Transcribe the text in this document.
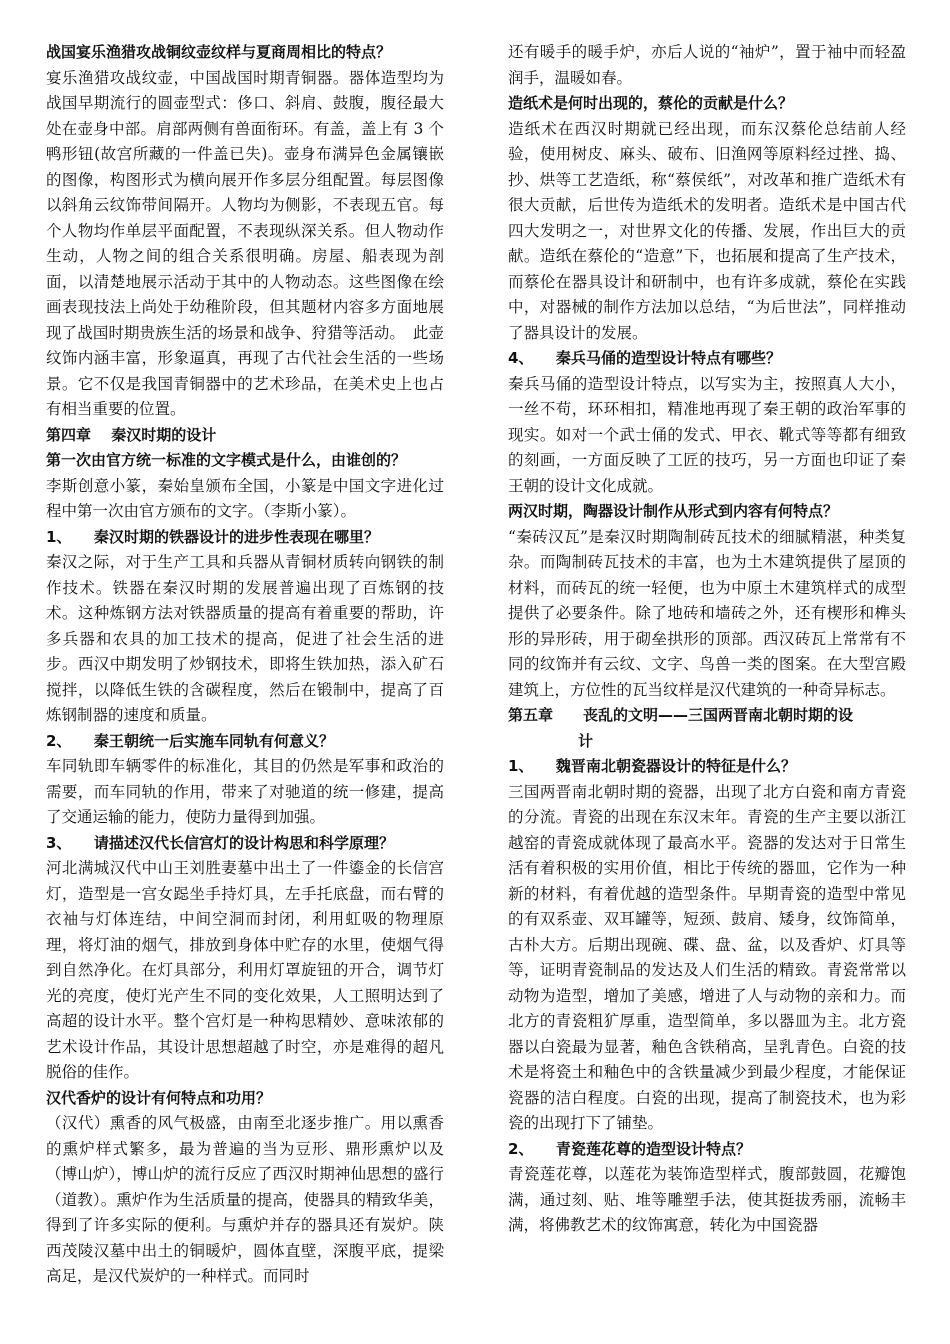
战国宴乐渔猎攻战铜纹壶纹样与夏商周相比的特点？

宴乐渔猎攻战纹壶，中国战国时期青铜器。器体造型均为战国早期流行的圆壶型式：侈口、斜肩、鼓腹，腹径最大处在壶身中部。肩部两侧有兽面衔环。有盖，盖上有 3 个鸭形钮(故宫所藏的一件盖已失)。壶身布满异色金属镶嵌的图像，构图形式为横向展开作多层分组配置。每层图像以斜角云纹饰带间隔开。人物均为侧影，不表现五官。每个人物均作单层平面配置，不表现纵深关系。但人物动作生动，人物之间的组合关系很明确。房屋、船表现为剖面，以清楚地展示活动于其中的人物动态。这些图像在绘画表现技法上尚处于幼稚阶段，但其题材内容多方面地展现了战国时期贵族生活的场景和战争、狩猎等活动。　此壶纹饰内涵丰富，形象逼真，再现了古代社会生活的一些场景。它不仅是我国青铜器中的艺术珍品，在美术史上也占有相当重要的位置。

第四章　 秦汉时期的设计
第一次由官方统一标准的文字模式是什么，由谁创的？

李斯创意小篆，秦始皇颁布全国，小篆是中国文字进化过程中第一次由官方颁布的文字。（李斯小篆）。

1、　　秦汉时期的铁器设计的进步性表现在哪里？

秦汉之际，对于生产工具和兵器从青铜材质转向钢铁的制作技术。铁器在秦汉时期的发展普遍出现了百炼钢的技术。这种炼钢方法对铁器质量的提高有着重要的帮助，许多兵器和农具的加工技术的提高，促进了社会生活的进步。西汉中期发明了炒钢技术，即将生铁加热，添入矿石搅拌，以降低生铁的含碳程度，然后在锻制中，提高了百炼钢制器的速度和质量。

2、　　秦王朝统一后实施车同轨有何意义？

车同轨即车辆零件的标准化，其目的仍然是军事和政治的需要，而车同轨的作用，带来了对驰道的统一修建，提高了交通运输的能力，使防力量得到加强。

3、　　请描述汉代长信宫灯的设计构思和科学原理？

河北满城汉代中山王刘胜妻墓中出土了一件鎏金的长信宫灯，造型是一宫女跽坐手持灯具，左手托底盘，而右臂的衣袖与灯体连结，中间空洞而封闭，利用虹吸的物理原理，将灯油的烟气，排放到身体中贮存的水里，使烟气得到自然净化。在灯具部分，利用灯罩旋钮的开合，调节灯光的亮度，使灯光产生不同的变化效果，人工照明达到了高超的设计水平。整个宫灯是一种构思精妙、意味浓郁的艺术设计作品，其设计思想超越了时空，亦是难得的超凡脱俗的佳作。

汉代香炉的设计有何特点和功用？

（汉代）熏香的风气极盛，由南至北逐步推广。用以熏香的熏炉样式繁多，最为普遍的当为豆形、鼎形熏炉以及（博山炉），博山炉的流行反应了西汉时期神仙思想的盛行（道教）。熏炉作为生活质量的提高，使器具的精致华美，得到了许多实际的便利。与熏炉并存的器具还有炭炉。陕西茂陵汉墓中出土的铜暖炉，圆体直壁，深腹平底，提梁高足，是汉代炭炉的一种样式。而同时

还有暖手的暖手炉，亦后人说的“袖炉”，置于袖中而轻盈润手，温暖如春。

造纸术是何时出现的，蔡伦的贡献是什么？

造纸术在西汉时期就已经出现，而东汉蔡伦总结前人经验，使用树皮、麻头、破布、旧渔网等原料经过挫、捣、抄、烘等工艺造纸，称“蔡侯纸”，对改革和推广造纸术有很大贡献，后世传为造纸术的发明者。造纸术是中国古代四大发明之一，对世界文化的传播、发展，作出巨大的贡献。造纸在蔡伦的“造意”下，也拓展和提高了生产技术，而蔡伦在器具设计和研制中，也有许多成就，蔡伦在实践中，对器械的制作方法加以总结，“为后世法”，同样推动了器具设计的发展。

4、　　秦兵马俑的造型设计特点有哪些？

秦兵马俑的造型设计特点，以写实为主，按照真人大小，一丝不苟，环环相扣，精准地再现了秦王朝的政治军事的现实。如对一个武士俑的发式、甲衣、靴式等等都有细致的刻画，一方面反映了工匠的技巧，另一方面也印证了秦王朝的设计文化成就。

两汉时期，陶器设计制作从形式到内容有何特点？

“秦砖汉瓦”是秦汉时期陶制砖瓦技术的细腻精湛，种类复杂。而陶制砖瓦技术的丰富，也为土木建筑提供了屋顶的材料，而砖瓦的统一轻便，也为中原土木建筑样式的成型提供了必要条件。除了地砖和墙砖之外，还有楔形和榫头形的异形砖，用于砌垒拱形的顶部。西汉砖瓦上常常有不同的纹饰并有云纹、文字、鸟兽一类的图案。在大型宫殿建筑上，方位性的瓦当纹样是汉代建筑的一种奇异标志。

第五章　　丧乱的文明——三国两晋南北朝时期的设
计
1、　　魏晋南北朝瓷器设计的特征是什么？

三国两晋南北朝时期的瓷器，出现了北方白瓷和南方青瓷的分流。青瓷的出现在东汉末年。青瓷的生产主要以浙江越窑的青瓷成就体现了最高水平。瓷器的发达对于日常生活有着积极的实用价值，相比于传统的器皿，它作为一种新的材料，有着优越的造型条件。早期青瓷的造型中常见的有双系壶、双耳罐等，短颈、鼓肩、矮身，纹饰简单，古朴大方。后期出现碗、碟、盘、盆，以及香炉、灯具等等，证明青瓷制品的发达及人们生活的精致。青瓷常常以动物为造型，增加了美感，增进了人与动物的亲和力。而北方的青瓷粗犷厚重，造型简单，多以器皿为主。北方瓷器以白瓷最为显著，釉色含铁稍高，呈乳青色。白瓷的技术是将瓷土和釉色中的含铁量减少到最少程度，才能保证瓷器的洁白程度。白瓷的出现，提高了制瓷技术，也为彩瓷的出现打下了铺垫。

2、　　青瓷莲花尊的造型设计特点？

青瓷莲花尊，以莲花为装饰造型样式，腹部鼓圆，花瓣饱满，通过刻、贴、堆等雕塑手法，使其挺拔秀丽，流畅丰满，将佛教艺术的纹饰寓意，转化为中国瓷器
